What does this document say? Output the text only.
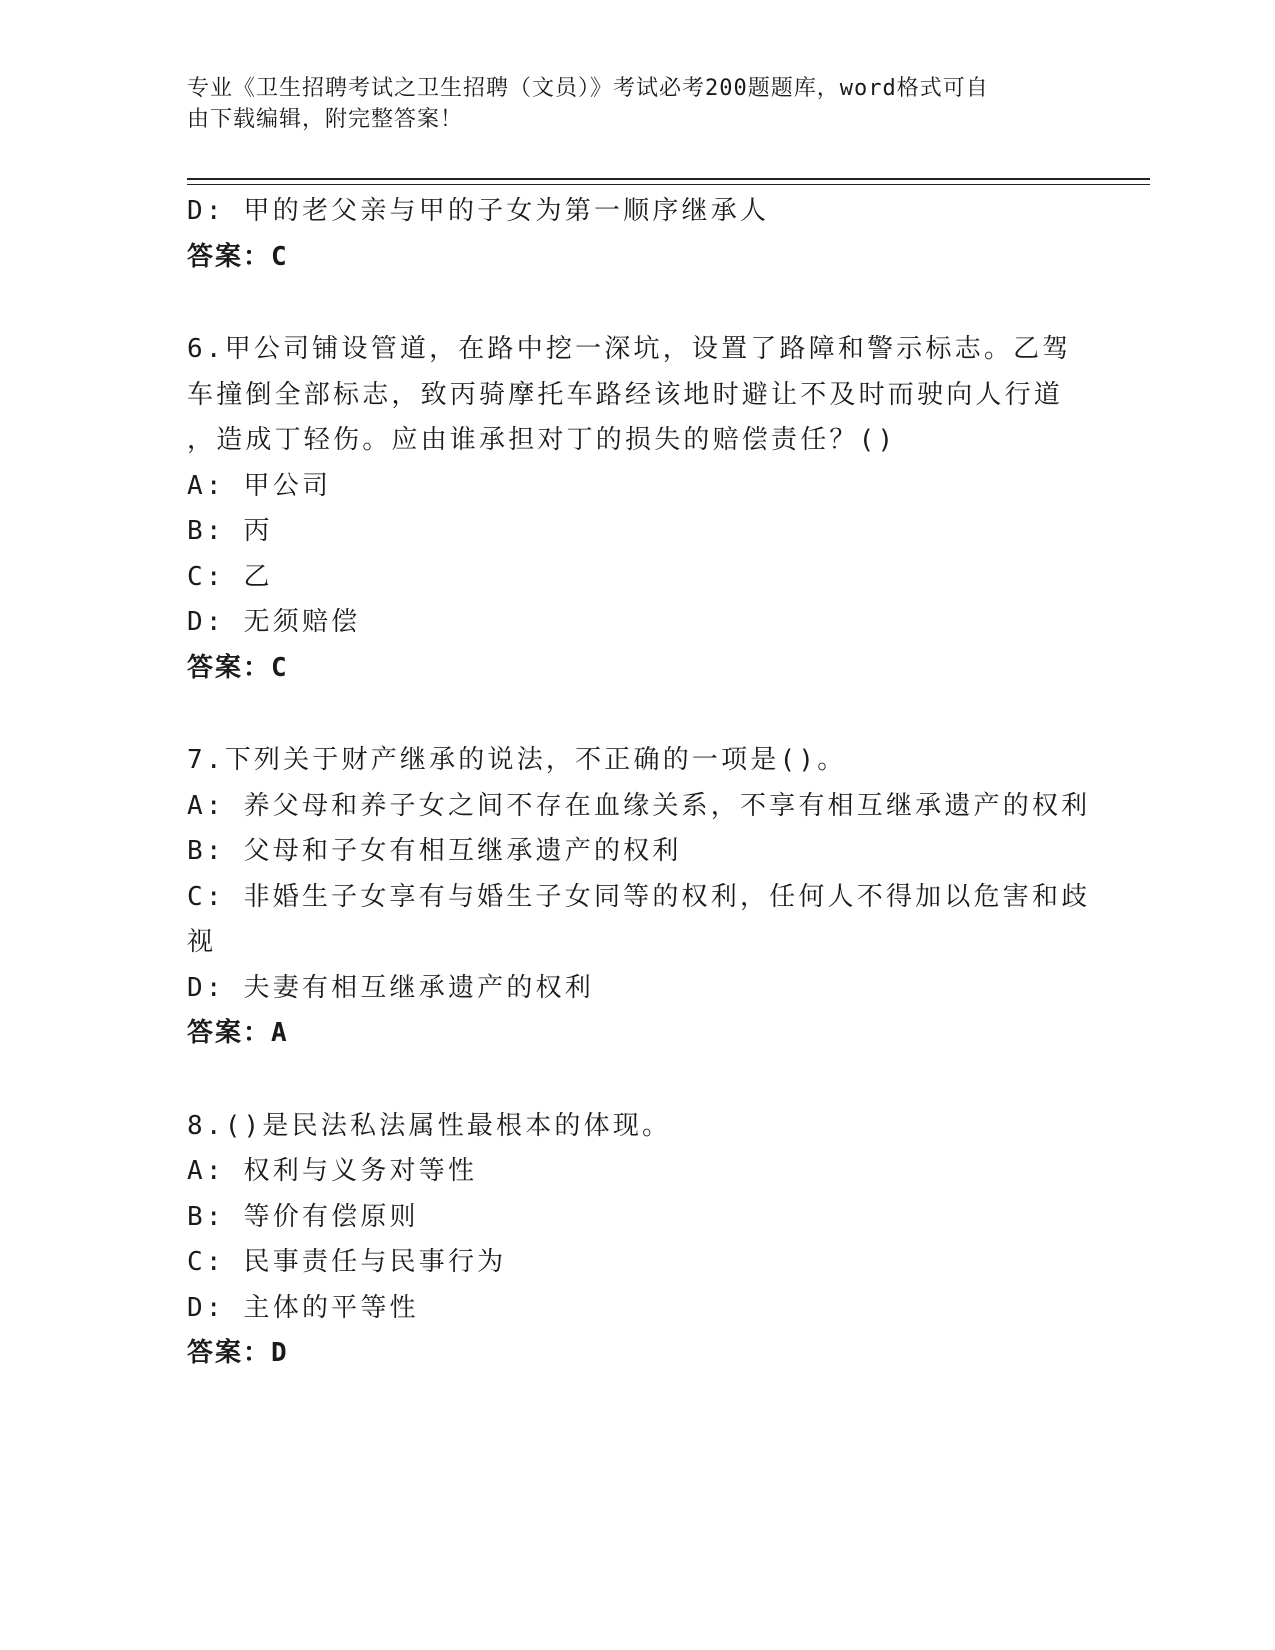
专业《卫生招聘考试之卫生招聘（文员）》考试必考200题题库，word格式可自
由下载编辑，附完整答案！
D: 甲的老父亲与甲的子女为第一顺序继承人
答案：C
6.甲公司铺设管道，在路中挖一深坑，设置了路障和警示标志。乙驾
车撞倒全部标志，致丙骑摩托车路经该地时避让不及时而驶向人行道
，造成丁轻伤。应由谁承担对丁的损失的赔偿责任？()
A: 甲公司
B: 丙
C: 乙
D: 无须赔偿
答案：C
7.下列关于财产继承的说法，不正确的一项是()。
A: 养父母和养子女之间不存在血缘关系，不享有相互继承遗产的权利
B: 父母和子女有相互继承遗产的权利
C: 非婚生子女享有与婚生子女同等的权利，任何人不得加以危害和歧
视
D: 夫妻有相互继承遗产的权利
答案：A
8.()是民法私法属性最根本的体现。
A: 权利与义务对等性
B: 等价有偿原则
C: 民事责任与民事行为
D: 主体的平等性
答案：D
